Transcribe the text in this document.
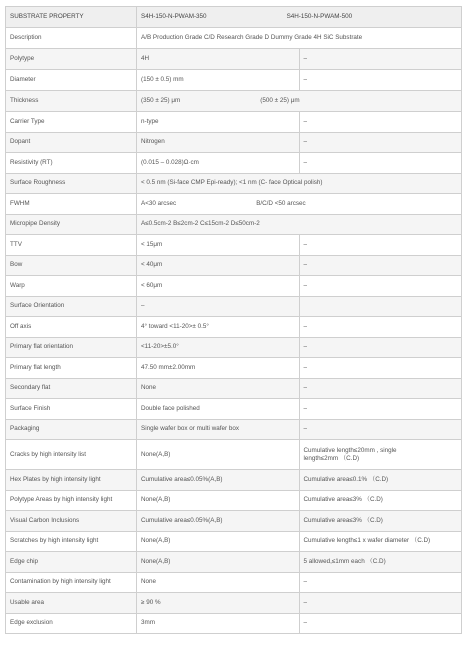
SUBSTRATE PROPERTY	S4H-150-N-PWAM-350 S4H-150-N-PWAM-500	
Description	A/B Production Grade C/D Research Grade D Dummy Grade 4H SiC Substrate	
Polytype	4H	–
Diameter	(150 ± 0.5) mm	–
Thickness	(350 ± 25) μm (500 ± 25) μm	
Carrier Type	n-type	–
Dopant	Nitrogen	–
Resistivity (RT)	(0.015 – 0.028)Ω·cm	–
Surface Roughness	< 0.5 nm (Si-face CMP Epi-ready); <1 nm (C- face Optical polish)	
FWHM	A<30 arcsec B/C/D <50 arcsec	
Micropipe Density	A≤0.5cm-2 B≤2cm-2 C≤15cm-2 D≤50cm-2	
TTV	< 15μm	–
Bow	< 40μm	–
Warp	< 60μm	–
Surface Orientation	–	
Off axis	4° toward <11-20>± 0.5°	–
Primary flat orientation	<11-20>±5.0°	–
Primary flat length	47.50 mm±2.00mm	–
Secondary flat	None	–
Surface Finish	Double face polished	–
Packaging	Single wafer box or multi wafer box	–
Cracks by high intensity list	None(A,B)	Cumulative length≤20mm , single
length≤2mm （C.D)

Hex Plates by high intensity light	Cumulative area≤0.05%(A,B)	Cumulative area≤0.1% （C.D)
Polytype Areas by high intensity light	None(A,B)	Cumulative area≤3% （C.D)
Visual Carbon Inclusions	Cumulative area≤0.05%(A,B)	Cumulative area≤3% （C.D)
Scratches by high intensity light	None(A,B)	Cumulative length≤1 x wafer diameter （C.D)
Edge chip	None(A,B)	5 allowed,≤1mm each （C.D)
Contamination by high intensity light	None	–
Usable area	≥ 90 %	–
Edge exclusion	3mm	–
